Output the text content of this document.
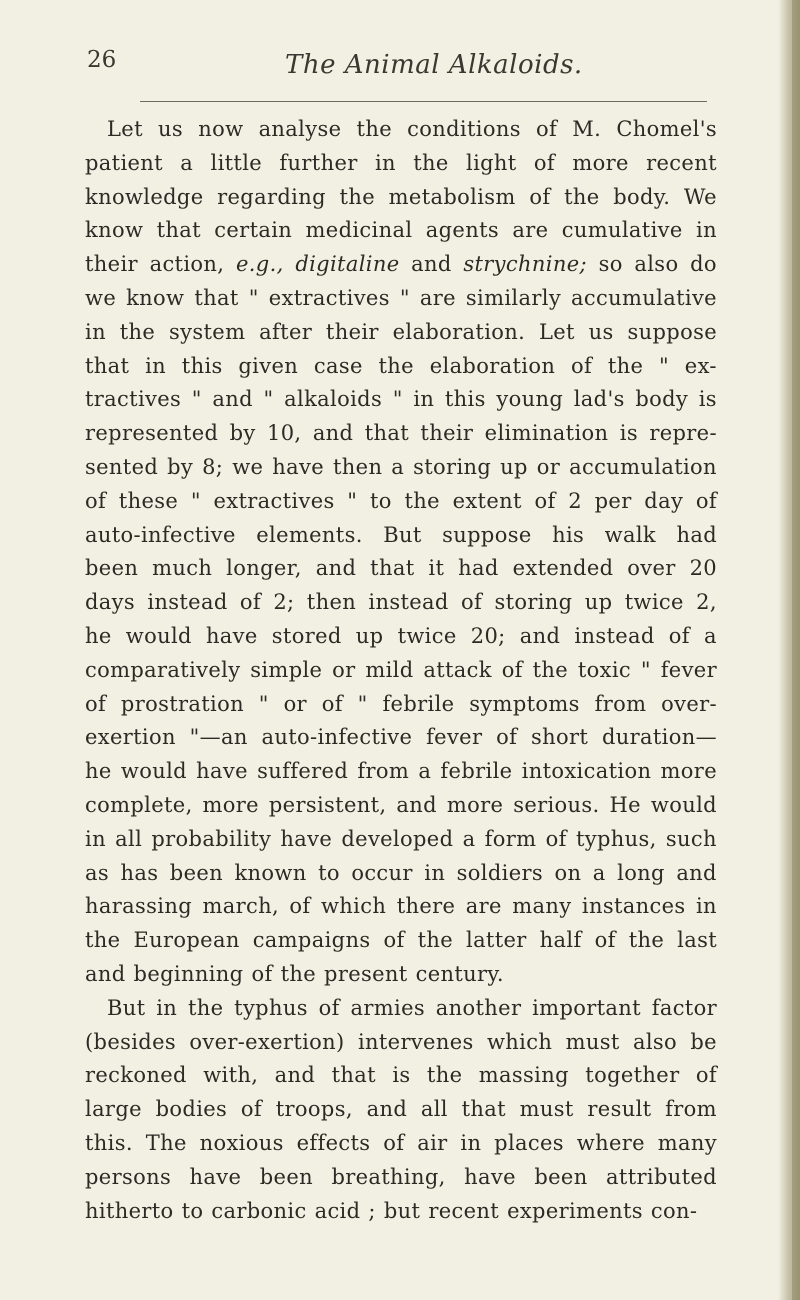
26	The Animal Alkaloids.
Let us now analyse the conditions of M. Chomel's
patient a little further in the light of more recent
knowledge regarding the metabolism of the body. We
know that certain medicinal agents are cumulative in
their action, e.g., digitaline and strychnine; so also do
we know that " extractives " are similarly accumulative
in the system after their elaboration. Let us suppose
that in this given case the elaboration of the " ex-
tractives " and " alkaloids " in this young lad's body is
represented by 10, and that their elimination is repre-
sented by 8; we have then a storing up or accumulation
of these " extractives " to the extent of 2 per day of
auto-infective elements. But suppose his walk had
been much longer, and that it had extended over 20
days instead of 2; then instead of storing up twice 2,
he would have stored up twice 20; and instead of a
comparatively simple or mild attack of the toxic " fever
of prostration " or of " febrile symptoms from over-
exertion "—an auto-infective fever of short duration—
he would have suffered from a febrile intoxication more
complete, more persistent, and more serious. He would
in all probability have developed a form of typhus, such
as has been known to occur in soldiers on a long and
harassing march, of which there are many instances in
the European campaigns of the latter half of the last
and beginning of the present century.
But in the typhus of armies another important factor
(besides over-exertion) intervenes which must also be
reckoned with, and that is the massing together of
large bodies of troops, and all that must result from
this. The noxious effects of air in places where many
persons have been breathing, have been attributed
hitherto to carbonic acid ; but recent experiments con-
